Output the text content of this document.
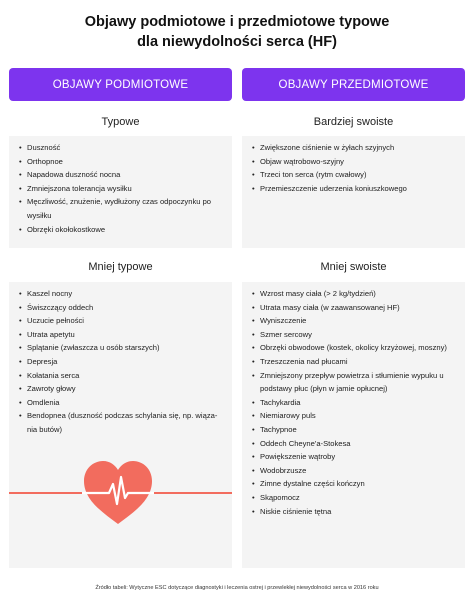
Objawy podmiotowe i przedmiotowe typowe
dla niewydolności serca (HF)
OBJAWY PODMIOTOWE	OBJAWY PRZEDMIOTOWE
Typowe	Bardziej swoiste
• Duszność
• Orthopnoe
• Napadowa duszność nocna
• Zmniejszona tolerancja wysiłku
• Męczliwość, znużenie, wydłużony czas odpoczynku po
wysiłku
• Obrzęki okołokostkowe
• Zwiększone ciśnienie w żyłach szyjnych
• Objaw wątrobowo-szyjny
• Trzeci ton serca (rytm cwałowy)
• Przemieszczenie uderzenia koniuszkowego
Mniej typowe	Mniej swoiste
• Kaszel nocny
• Świszczący oddech
• Uczucie pełności
• Utrata apetytu
• Splątanie (zwłaszcza u osób starszych)
• Depresja
• Kołatania serca
• Zawroty głowy
• Omdlenia
• Bendopnea (duszność podczas schylania się, np. wiąza-
nia butów)
• Wzrost masy ciała (> 2 kg/tydzień)
• Utrata masy ciała (w zaawansowanej HF)
• Wyniszczenie
• Szmer sercowy
• Obrzęki obwodowe (kostek, okolicy krzyżowej, moszny)
• Trzeszczenia nad płucami
• Zmniejszony przepływ powietrza i stłumienie wypuku u
podstawy płuc (płyn w jamie opłucnej)
• Tachykardia
• Niemiarowy puls
• Tachypnoe
• Oddech Cheyne'a-Stokesa
• Powiększenie wątroby
• Wodobrzusze
• Zimne dystalne części kończyn
• Skąpomocz
• Niskie ciśnienie tętna
Źródło tabeli: Wytyczne ESC dotyczące diagnostyki i leczenia ostrej i przewlekłej niewydolności serca w 2016 roku
